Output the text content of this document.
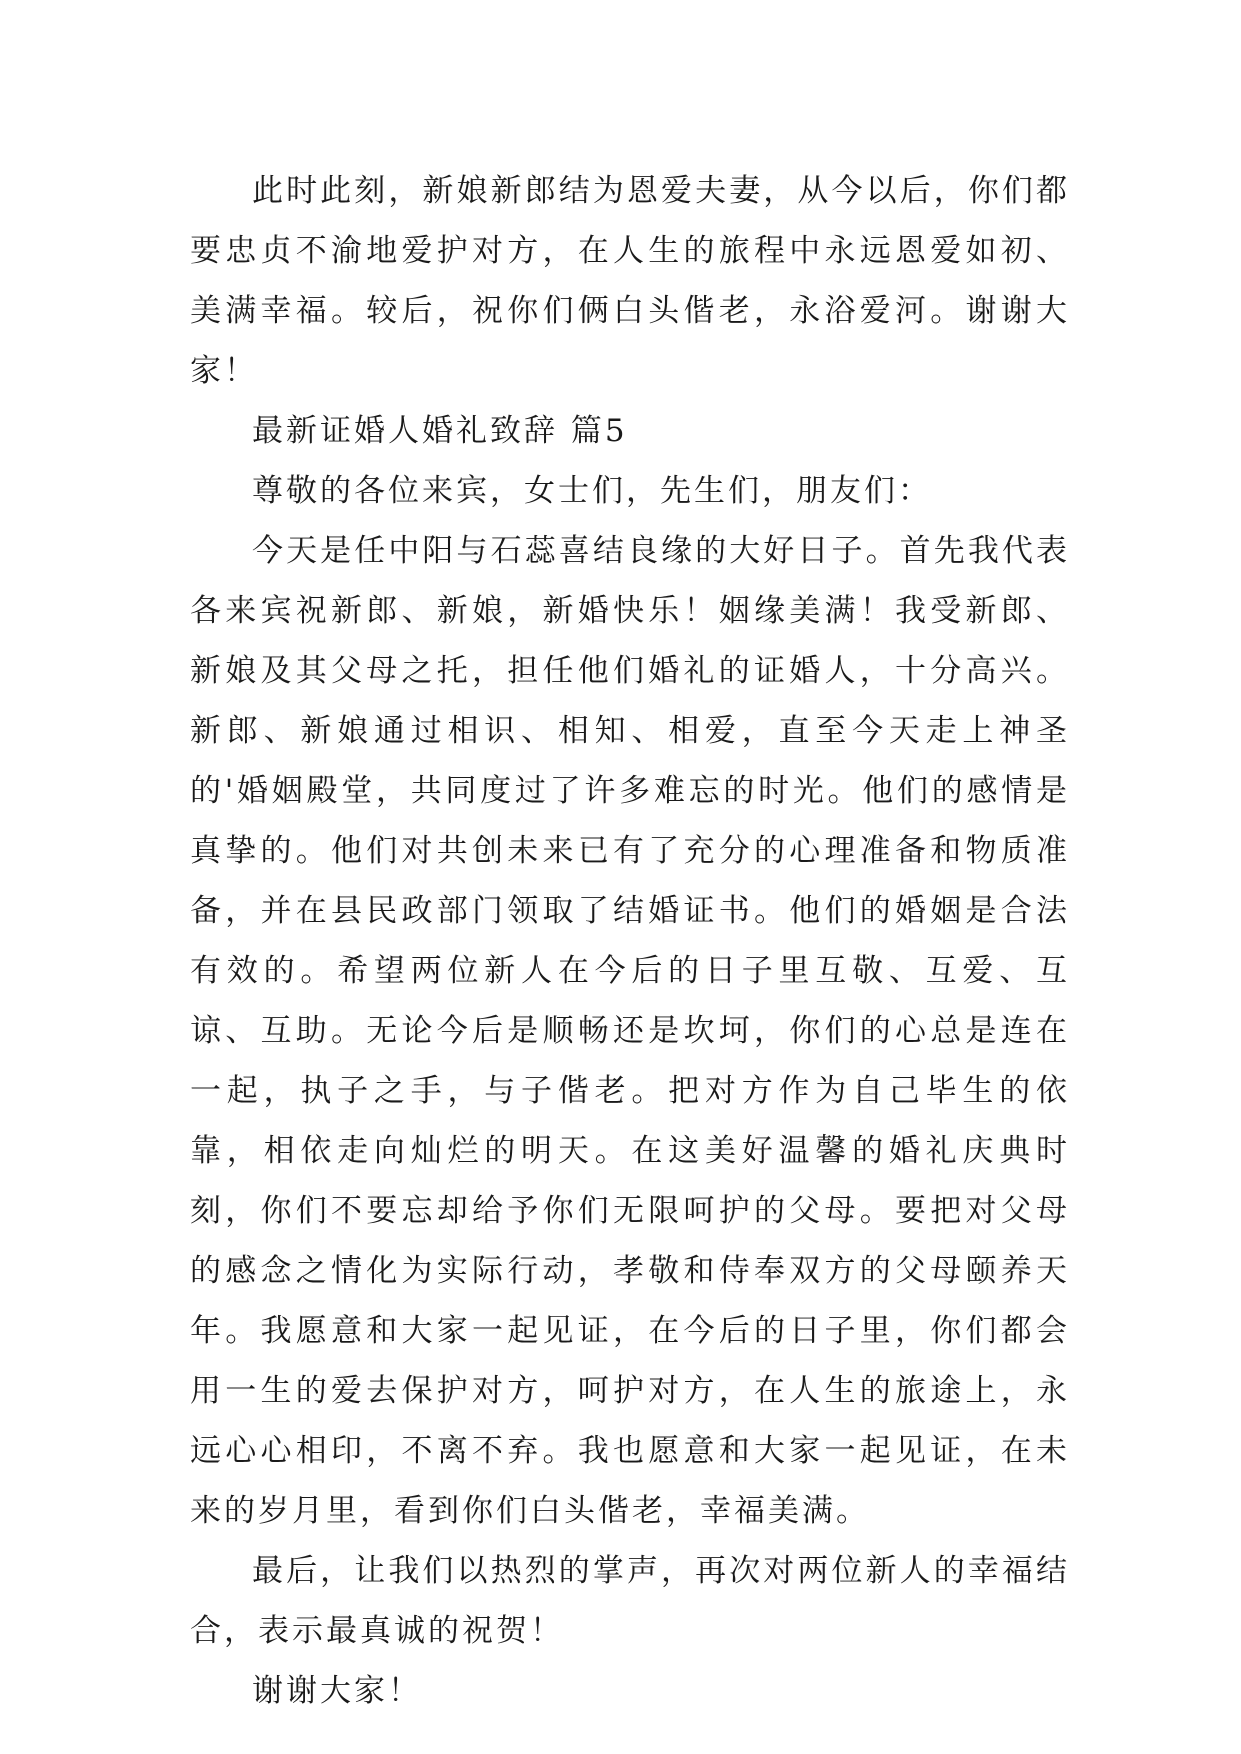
此时此刻，新娘新郎结为恩爱夫妻，从今以后，你们都要忠贞不渝地爱护对方，在人生的旅程中永远恩爱如初、美满幸福。较后，祝你们俩白头偕老，永浴爱河。谢谢大家！

最新证婚人婚礼致辞 篇5

尊敬的各位来宾，女士们，先生们，朋友们：

今天是任中阳与石蕊喜结良缘的大好日子。首先我代表各来宾祝新郎、新娘，新婚快乐！姻缘美满！我受新郎、新娘及其父母之托，担任他们婚礼的证婚人，十分高兴。新郎、新娘通过相识、相知、相爱，直至今天走上神圣的'婚姻殿堂，共同度过了许多难忘的时光。他们的感情是真挚的。他们对共创未来已有了充分的心理准备和物质准备，并在县民政部门领取了结婚证书。他们的婚姻是合法有效的。希望两位新人在今后的日子里互敬、互爱、互谅、互助。无论今后是顺畅还是坎坷，你们的心总是连在一起，执子之手，与子偕老。把对方作为自己毕生的依靠，相依走向灿烂的明天。在这美好温馨的婚礼庆典时刻，你们不要忘却给予你们无限呵护的父母。要把对父母的感念之情化为实际行动，孝敬和侍奉双方的父母颐养天年。我愿意和大家一起见证，在今后的日子里，你们都会用一生的爱去保护对方，呵护对方，在人生的旅途上，永远心心相印，不离不弃。我也愿意和大家一起见证，在未来的岁月里，看到你们白头偕老，幸福美满。

最后，让我们以热烈的掌声，再次对两位新人的幸福结合，表示最真诚的祝贺！

谢谢大家！
